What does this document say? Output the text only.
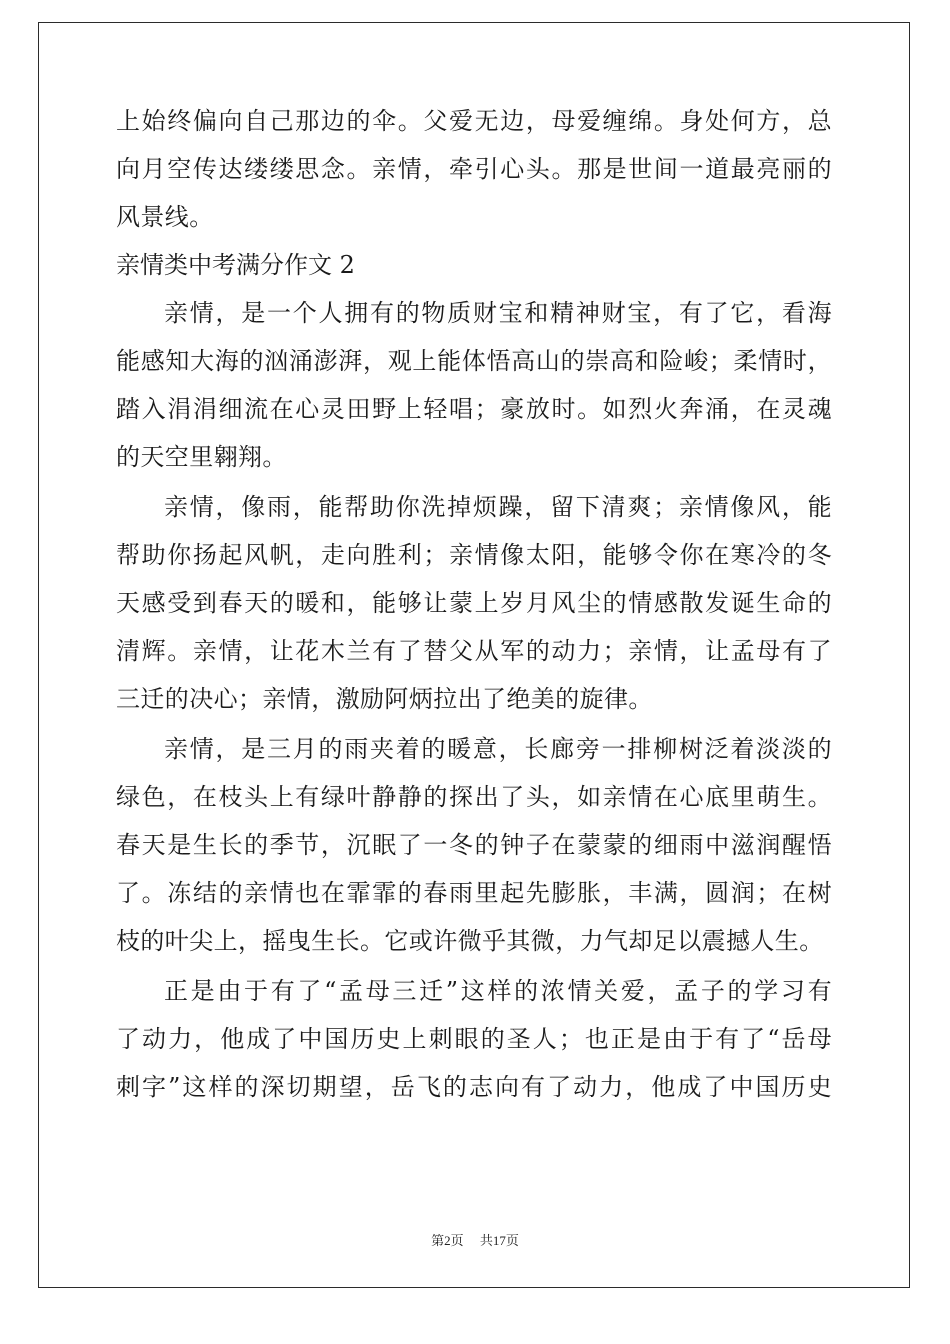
上始终偏向自己那边的伞。父爱无边，母爱缠绵。身处何方，总
向月空传达缕缕思念。亲情，牵引心头。那是世间一道最亮丽的
风景线。
亲情类中考满分作文 2
亲情，是一个人拥有的物质财宝和精神财宝，有了它，看海
能感知大海的汹涌澎湃，观上能体悟高山的崇高和险峻；柔情时，
踏入涓涓细流在心灵田野上轻唱；豪放时。如烈火奔涌，在灵魂
的天空里翱翔。
亲情，像雨，能帮助你洗掉烦躁，留下清爽；亲情像风，能
帮助你扬起风帆，走向胜利；亲情像太阳，能够令你在寒冷的冬
天感受到春天的暖和，能够让蒙上岁月风尘的情感散发诞生命的
清辉。亲情，让花木兰有了替父从军的动力；亲情，让孟母有了
三迁的决心；亲情，激励阿炳拉出了绝美的旋律。
亲情，是三月的雨夹着的暖意，长廊旁一排柳树泛着淡淡的
绿色，在枝头上有绿叶静静的探出了头，如亲情在心底里萌生。
春天是生长的季节，沉眠了一冬的钟子在蒙蒙的细雨中滋润醒悟
了。冻结的亲情也在霏霏的春雨里起先膨胀，丰满，圆润；在树
枝的叶尖上，摇曳生长。它或许微乎其微，力气却足以震撼人生。
正是由于有了“孟母三迁”这样的浓情关爱，孟子的学习有
了动力，他成了中国历史上刺眼的圣人；也正是由于有了“岳母
刺字”这样的深切期望，岳飞的志向有了动力，他成了中国历史
第2页　 共17页
